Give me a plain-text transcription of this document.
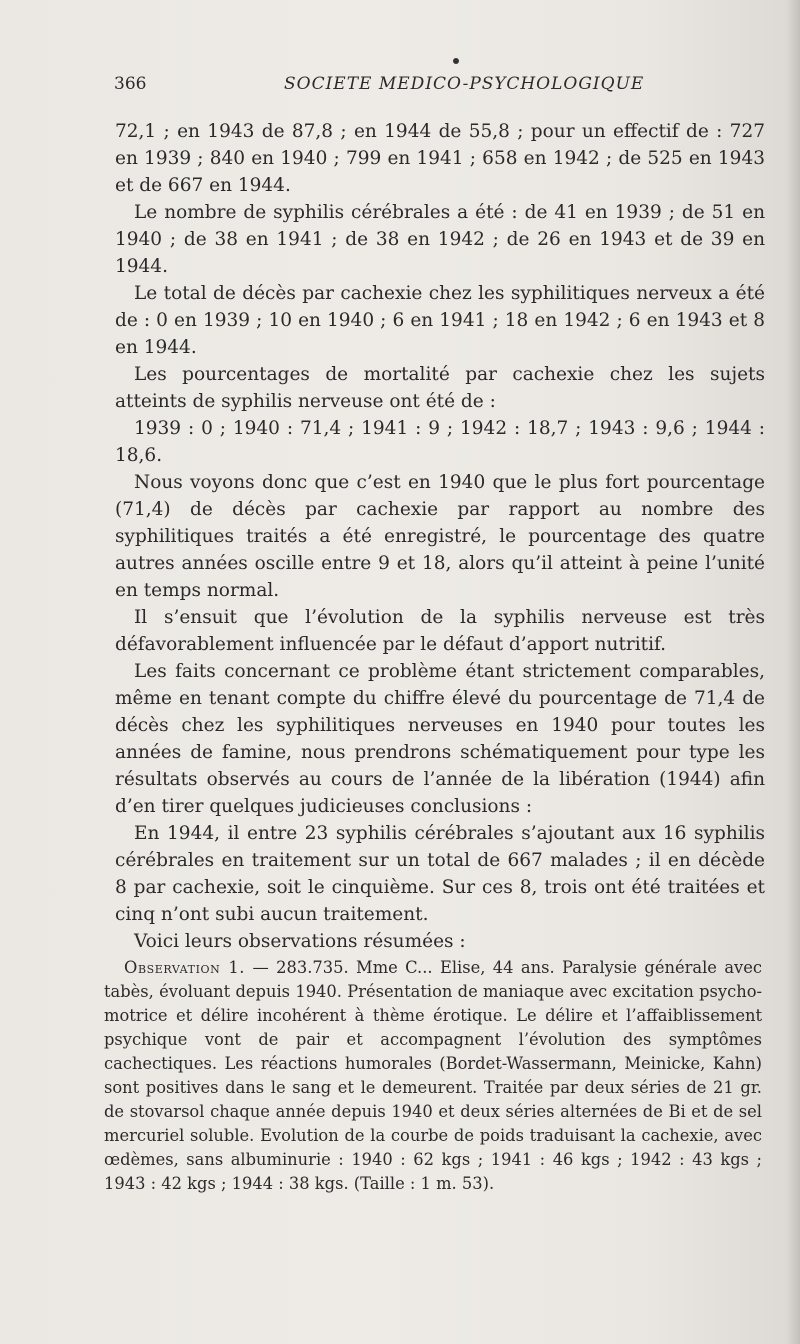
366	SOCIETE MEDICO-PSYCHOLOGIQUE

72,1 ; en 1943 de 87,8 ; en 1944 de 55,8 ; pour un effectif de : 727 en 1939 ; 840 en 1940 ; 799 en 1941 ; 658 en 1942 ; de 525 en 1943 et de 667 en 1944.

Le nombre de syphilis cérébrales a été : de 41 en 1939 ; de 51 en 1940 ; de 38 en 1941 ; de 38 en 1942 ; de 26 en 1943 et de 39 en 1944.

Le total de décès par cachexie chez les syphilitiques nerveux a été de : 0 en 1939 ; 10 en 1940 ; 6 en 1941 ; 18 en 1942 ; 6 en 1943 et 8 en 1944.

Les pourcentages de mortalité par cachexie chez les sujets atteints de syphilis nerveuse ont été de :

1939 : 0 ; 1940 : 71,4 ; 1941 : 9 ; 1942 : 18,7 ; 1943 : 9,6 ; 1944 : 18,6.

Nous voyons donc que c’est en 1940 que le plus fort pourcentage (71,4) de décès par cachexie par rapport au nombre des syphilitiques traités a été enregistré, le pourcentage des quatre autres années oscille entre 9 et 18, alors qu’il atteint à peine l’unité en temps normal.

Il s’ensuit que l’évolution de la syphilis nerveuse est très défavorablement influencée par le défaut d’apport nutritif.

Les faits concernant ce problème étant strictement comparables, même en tenant compte du chiffre élevé du pourcentage de 71,4 de décès chez les syphilitiques nerveuses en 1940 pour toutes les années de famine, nous prendrons schématiquement pour type les résultats observés au cours de l’année de la libération (1944) afin d’en tirer quelques judicieuses conclusions :

En 1944, il entre 23 syphilis cérébrales s’ajoutant aux 16 syphilis cérébrales en traitement sur un total de 667 malades ; il en décède 8 par cachexie, soit le cinquième. Sur ces 8, trois ont été traitées et cinq n’ont subi aucun traitement.

Voici leurs observations résumées :

Observation 1. — 283.735. Mme C... Elise, 44 ans. Paralysie générale avec tabès, évoluant depuis 1940. Présentation de maniaque avec excitation psycho-motrice et délire incohérent à thème érotique. Le délire et l’affaiblissement psychique vont de pair et accompagnent l’évolution des symptômes cachectiques. Les réactions humorales (Bordet-Wassermann, Meinicke, Kahn) sont positives dans le sang et le demeurent. Traitée par deux séries de 21 gr. de stovarsol chaque année depuis 1940 et deux séries alternées de Bi et de sel mercuriel soluble. Evolution de la courbe de poids traduisant la cachexie, avec œdèmes, sans albuminurie : 1940 : 62 kgs ; 1941 : 46 kgs ; 1942 : 43 kgs ; 1943 : 42 kgs ; 1944 : 38 kgs. (Taille : 1 m. 53).
